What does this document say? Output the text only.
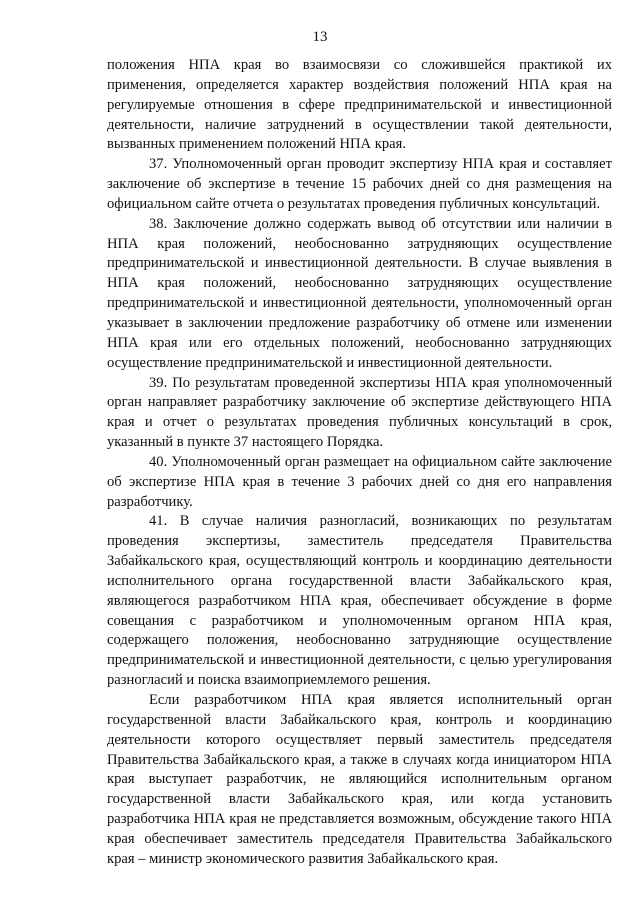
13

положения НПА края во взаимосвязи со сложившейся практикой их применения, определяется характер воздействия положений НПА края на регулируемые отношения в сфере предпринимательской и инвестиционной деятельности, наличие затруднений в осуществлении такой деятельности, вызванных применением положений НПА края.

37. Уполномоченный орган проводит экспертизу НПА края и составляет заключение об экспертизе в течение 15 рабочих дней со дня размещения на официальном сайте отчета о результатах проведения публичных консультаций.

38. Заключение должно содержать вывод об отсутствии или наличии в НПА края положений, необоснованно затрудняющих осуществление предпринимательской и инвестиционной деятельности. В случае выявления в НПА края положений, необоснованно затрудняющих осуществление предпринимательской и инвестиционной деятельности, уполномоченный орган указывает в заключении предложение разработчику об отмене или изменении НПА края или его отдельных положений, необоснованно затрудняющих осуществление предпринимательской и инвестиционной деятельности.

39. По результатам проведенной экспертизы НПА края уполномоченный орган направляет разработчику заключение об экспертизе действующего НПА края и отчет о результатах проведения публичных консультаций в срок, указанный в пункте 37 настоящего Порядка.

40. Уполномоченный орган размещает на официальном сайте заключение об экспертизе НПА края в течение 3 рабочих дней со дня его направления разработчику.

41. В случае наличия разногласий, возникающих по результатам проведения экспертизы, заместитель председателя Правительства Забайкальского края, осуществляющий контроль и координацию деятельности исполнительного органа государственной власти Забайкальского края, являющегося разработчиком НПА края, обеспечивает обсуждение в форме совещания с разработчиком и уполномоченным органом НПА края, содержащего положения, необоснованно затрудняющие осуществление предпринимательской и инвестиционной деятельности, с целью урегулирования разногласий и поиска взаимоприемлемого решения.

Если разработчиком НПА края является исполнительный орган государственной власти Забайкальского края, контроль и координацию деятельности которого осуществляет первый заместитель председателя Правительства Забайкальского края, а также в случаях когда инициатором НПА края выступает разработчик, не являющийся исполнительным органом государственной власти Забайкальского края, или когда установить разработчика НПА края не представляется возможным, обсуждение такого НПА края обеспечивает заместитель председателя Правительства Забайкальского края – министр экономического развития Забайкальского края.
